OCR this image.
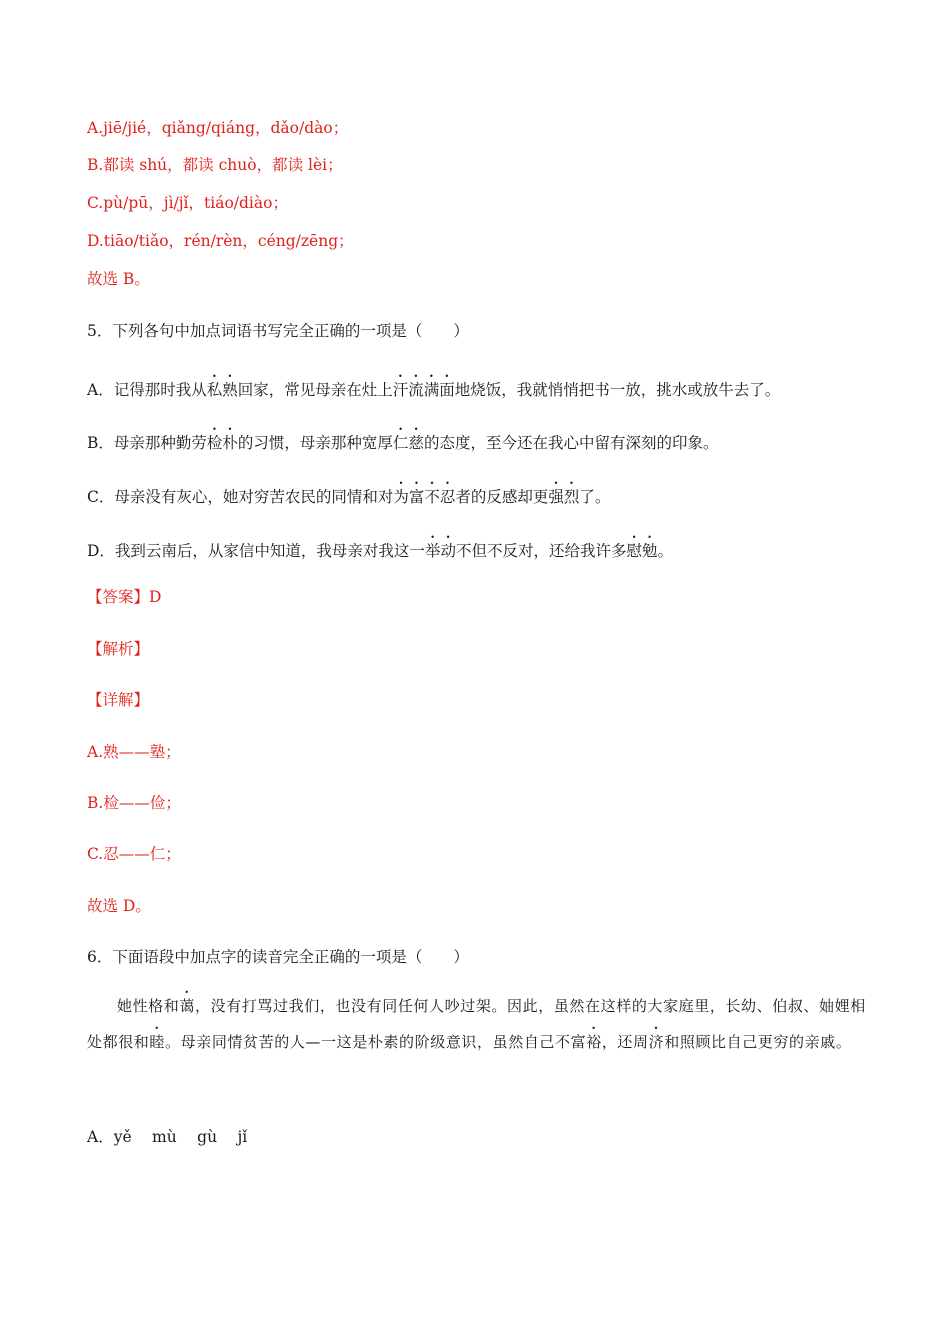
A.jiē/jié，qiǎng/qiáng，dǎo/dào；
B.都读 shú，都读 chuò，都读 lèi；
C.pù/pū，jì/jǐ，tiáo/diào；
D.tiāo/tiǎo，rén/rèn，céng/zēng；
故选 B。
5．下列各句中加点词语书写完全正确的一项是（　　）
A．记得那时我从私熟回家，常见母亲在灶上汗流满面地烧饭，我就悄悄把书一放，挑水或放牛去了。
B．母亲那种勤劳检朴的习惯，母亲那种宽厚仁慈的态度，至今还在我心中留有深刻的印象。
C．母亲没有灰心，她对穷苦农民的同情和对为富不忍者的反感却更强烈了。
D．我到云南后，从家信中知道，我母亲对我这一举动不但不反对，还给我许多慰勉。
【答案】D
【解析】
【详解】
A.熟——塾；
B.检——俭；
C.忍——仁；
故选 D。
6．下面语段中加点字的读音完全正确的一项是（　　）
她性格和蔼，没有打骂过我们，也没有同任何人吵过架。因此，虽然在这样的大家庭里，长幼、伯叔、妯娌相处都很和睦。母亲同情贫苦的人—一这是朴素的阶级意识，虽然自己不富裕，还周济和照顾比自己更穷的亲戚。
A．yě　 mù　 gù　 jǐ
